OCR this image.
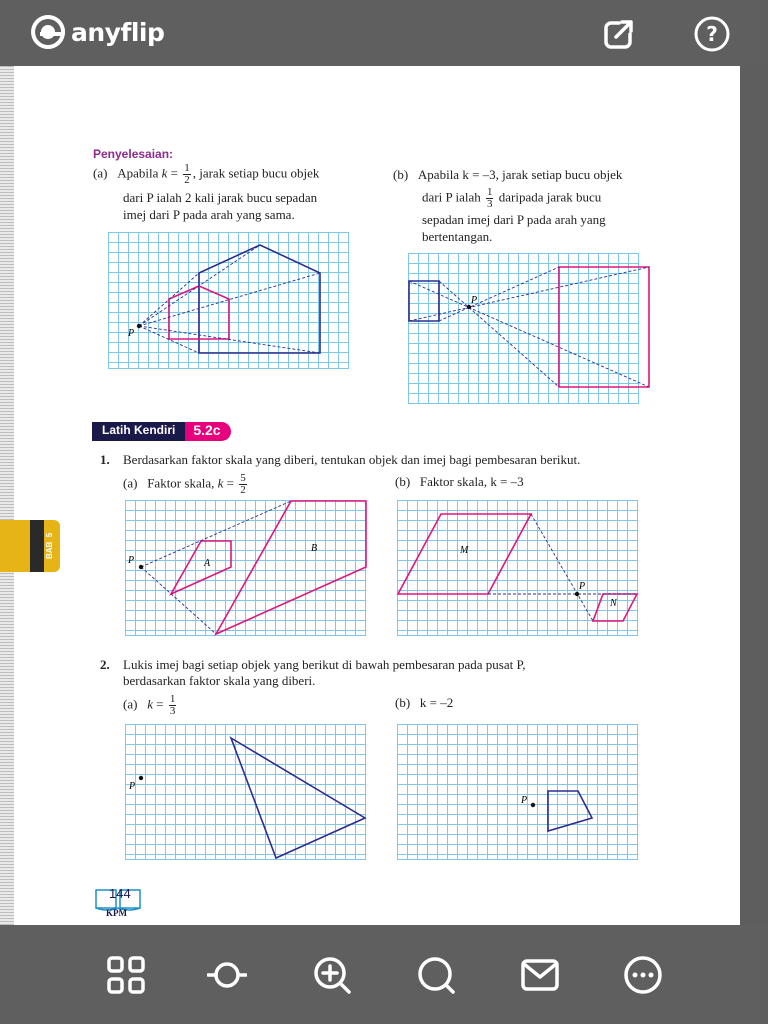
anyflip	?
Penyelesaian:
(a) Apabila $k = \frac{1}{2}$ , jarak setiap bucu objek
dari P ialah 2 kali jarak bucu sepadan
imej dari P pada arah yang sama.
(b) Apabila k = –3, jarak setiap bucu objek
dari P ialah $\frac{1}{3}$ daripada jarak bucu
sepadan imej dari P pada arah yang
bertentangan.
P
P
Latih Kendiri	5.2c
1. Berdasarkan faktor skala yang diberi, tentukan objek dan imej bagi pembesaran berikut.
(a) Faktor skala, $k = \frac{5}{2}$	(b) Faktor skala, k = –3
P	A
B
P
M
N
2. Lukis imej bagi setiap objek yang berikut di bawah pembesaran pada pusat P,
berdasarkan faktor skala yang diberi.
(a) $k = \frac{1}{3}$	(b) k = –2
P
P
BAB  5
144
KPM
